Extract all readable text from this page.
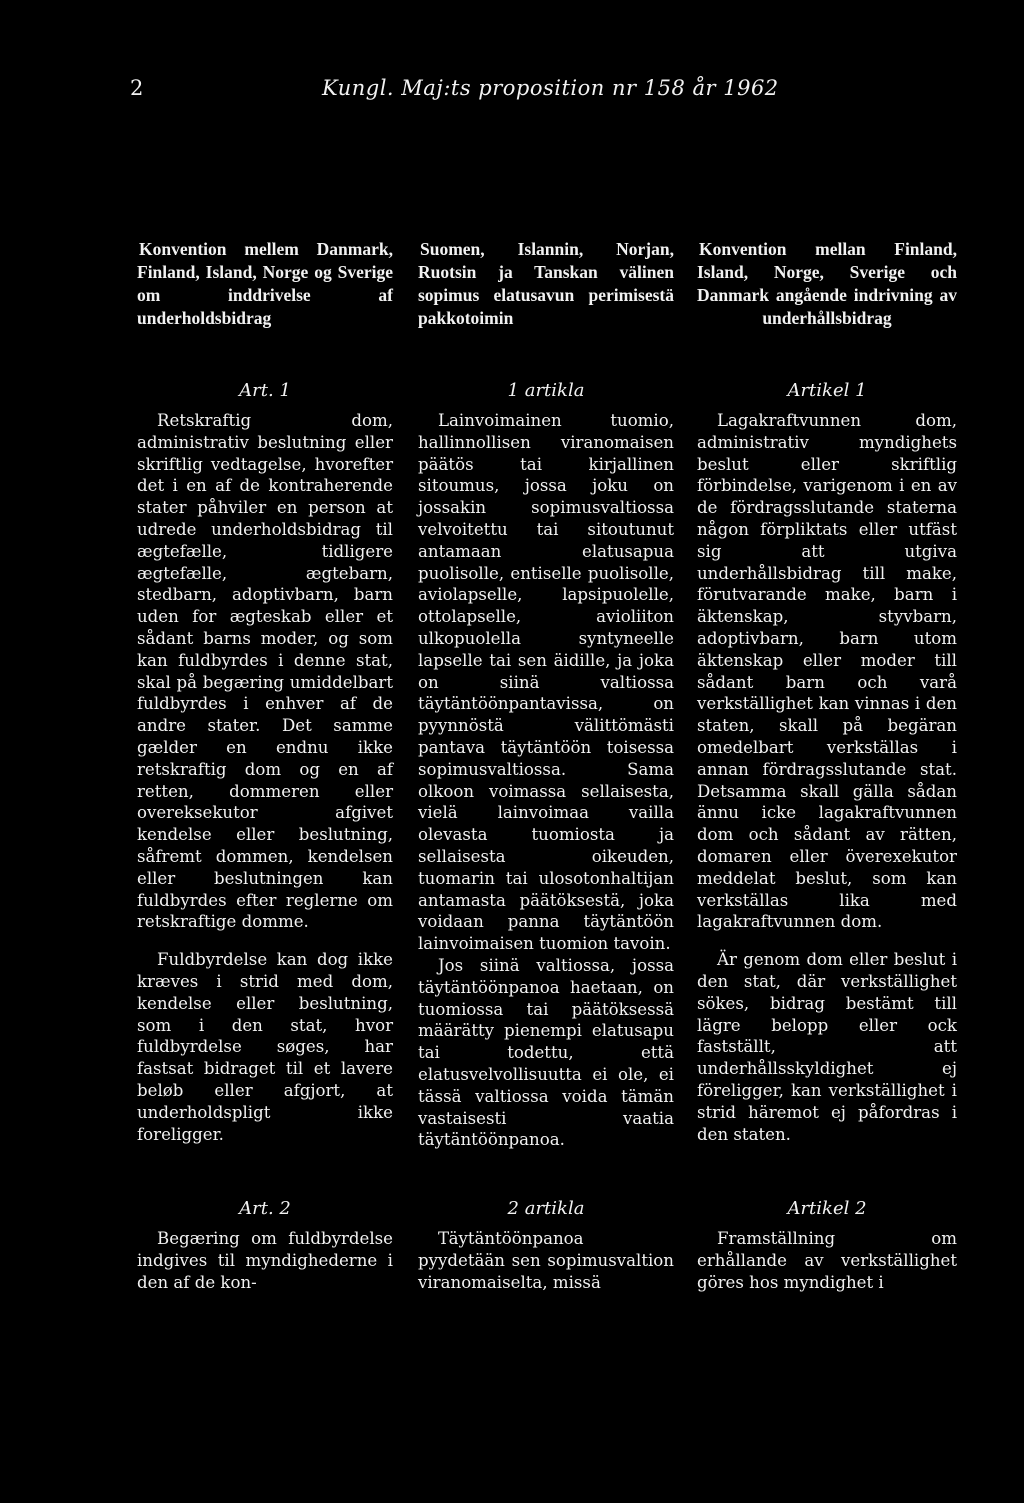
2	Kungl. Maj:ts proposition nr 158 år 1962
Konvention mellem Danmark, Finland, Island, Norge og Sverige om inddrivelse af underholdsbidrag
Art. 1

Retskraftig dom, administrativ beslutning eller skriftlig vedtagelse, hvorefter det i en af de kontraherende stater påhviler en person at udrede underholdsbidrag til ægtefælle, tidligere ægtefælle, ægtebarn, stedbarn, adoptivbarn, barn uden for ægteskab eller et sådant barns moder, og som kan fuldbyrdes i denne stat, skal på begæring umiddelbart fuldbyrdes i enhver af de andre stater. Det samme gælder en endnu ikke retskraftig dom og en af retten, dommeren eller overeksekutor afgivet kendelse eller beslutning, såfremt dommen, kendelsen eller beslutningen kan fuldbyrdes efter reglerne om retskraftige domme.

Fuldbyrdelse kan dog ikke kræves i strid med dom, kendelse eller beslutning, som i den stat, hvor fuldbyrdelse søges, har fastsat bidraget til et lavere beløb eller afgjort, at underholdspligt ikke foreligger.

Art. 2

Begæring om fuldbyrdelse indgives til myndighederne i den af de kon-

Suomen, Islannin, Norjan, Ruotsin ja Tanskan välinen sopimus elatusavun perimisestä pakkotoimin
1 artikla

Lainvoimainen tuomio, hallinnollisen viranomaisen päätös tai kirjallinen sitoumus, jossa joku on jossakin sopimusvaltiossa velvoitettu tai sitoutunut antamaan elatusapua puolisolle, entiselle puolisolle, aviolapselle, lapsipuolelle, ottolapselle, avioliiton ulkopuolella syntyneelle lapselle tai sen äidille, ja joka on siinä valtiossa täytäntöönpantavissa, on pyynnöstä välittömästi pantava täytäntöön toisessa sopimusvaltiossa. Sama olkoon voimassa sellaisesta, vielä lainvoimaa vailla olevasta tuomiosta ja sellaisesta oikeuden, tuomarin tai ulosotonhaltijan antamasta päätöksestä, joka voidaan panna täytäntöön lainvoimaisen tuomion tavoin.

Jos siinä valtiossa, jossa täytäntöönpanoa haetaan, on tuomiossa tai päätöksessä määrätty pienempi elatusapu tai todettu, että elatusvelvollisuutta ei ole, ei tässä valtiossa voida tämän vastaisesti vaatia täytäntöönpanoa.

2 artikla

Täytäntöönpanoa pyydetään sen sopimusvaltion viranomaiselta, missä

Konvention mellan Finland, Island, Norge, Sverige och Danmark angående indrivning av underhållsbidrag
Artikel 1

Lagakraftvunnen dom, administrativ myndighets beslut eller skriftlig förbindelse, varigenom i en av de fördragsslutande staterna någon förpliktats eller utfäst sig att utgiva underhållsbidrag till make, förutvarande make, barn i äktenskap, styvbarn, adoptivbarn, barn utom äktenskap eller moder till sådant barn och varå verkställighet kan vinnas i den staten, skall på begäran omedelbart verkställas i annan fördragsslutande stat. Detsamma skall gälla sådan ännu icke lagakraftvunnen dom och sådant av rätten, domaren eller överexekutor meddelat beslut, som kan verkställas lika med lagakraftvunnen dom.

Är genom dom eller beslut i den stat, där verkställighet sökes, bidrag bestämt till lägre belopp eller ock fastställt, att underhållsskyldighet ej föreligger, kan verkställighet i strid häremot ej påfordras i den staten.

Artikel 2

Framställning om erhållande av verkställighet göres hos myndighet i
